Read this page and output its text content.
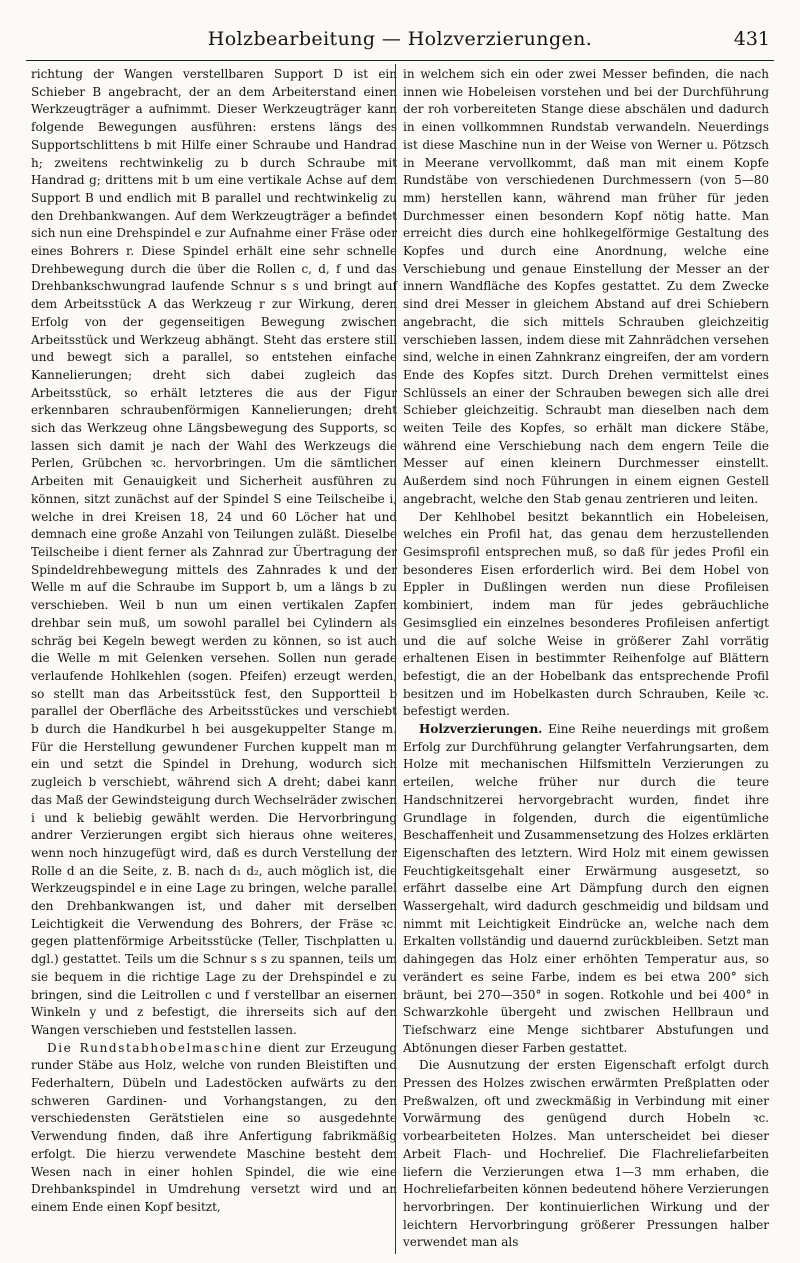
Holzbearbeitung — Holzverzierungen.	431

richtung der Wangen verstellbaren Support D ist ein Schieber B angebracht, der an dem Arbeiterstand einen Werkzeugträger a aufnimmt. Dieser Werkzeugträger kann folgende Bewegungen ausführen: erstens längs des Supportschlittens b mit Hilfe einer Schraube und Handrad h; zweitens rechtwinkelig zu b durch Schraube mit Handrad g; drittens mit b um eine vertikale Achse auf dem Support B und endlich mit B parallel und rechtwinkelig zu den Drehbankwangen. Auf dem Werkzeugträger a befindet sich nun eine Drehspindel e zur Aufnahme einer Fräse oder eines Bohrers r. Diese Spindel erhält eine sehr schnelle Drehbewegung durch die über die Rollen c, d, f und das Drehbankschwungrad laufende Schnur s s und bringt auf dem Arbeitsstück A das Werkzeug r zur Wirkung, deren Erfolg von der gegenseitigen Bewegung zwischen Arbeitsstück und Werkzeug abhängt. Steht das erstere still und bewegt sich a parallel, so entstehen einfache Kannelierungen; dreht sich dabei zugleich das Arbeitsstück, so erhält letzteres die aus der Figur erkennbaren schraubenförmigen Kannelierungen; dreht sich das Werkzeug ohne Längsbewegung des Supports, so lassen sich damit je nach der Wahl des Werkzeugs die Perlen, Grübchen ꝛc. hervorbringen. Um die sämtlichen Arbeiten mit Genauigkeit und Sicherheit ausführen zu können, sitzt zunächst auf der Spindel S eine Teilscheibe i, welche in drei Kreisen 18, 24 und 60 Löcher hat und demnach eine große Anzahl von Teilungen zuläßt. Dieselbe Teilscheibe i dient ferner als Zahnrad zur Übertragung der Spindeldrehbewegung mittels des Zahnrades k und der Welle m auf die Schraube im Support b, um a längs b zu verschieben. Weil b nun um einen vertikalen Zapfen drehbar sein muß, um sowohl parallel bei Cylindern als schräg bei Kegeln bewegt werden zu können, so ist auch die Welle m mit Gelenken versehen. Sollen nun gerade verlaufende Hohlkehlen (sogen. Pfeifen) erzeugt werden, so stellt man das Arbeitsstück fest, den Supportteil b parallel der Oberfläche des Arbeitsstückes und verschiebt b durch die Handkurbel h bei ausgekuppelter Stange m. Für die Herstellung gewundener Furchen kuppelt man m ein und setzt die Spindel in Drehung, wodurch sich zugleich b verschiebt, während sich A dreht; dabei kann das Maß der Gewindsteigung durch Wechselräder zwischen i und k beliebig gewählt werden. Die Hervorbringung andrer Verzierungen ergibt sich hieraus ohne weiteres, wenn noch hinzugefügt wird, daß es durch Verstellung der Rolle d an die Seite, z. B. nach d₁ d₂, auch möglich ist, die Werkzeugspindel e in eine Lage zu bringen, welche parallel den Drehbankwangen ist, und daher mit derselben Leichtigkeit die Verwendung des Bohrers, der Fräse ꝛc. gegen plattenförmige Arbeitsstücke (Teller, Tischplatten u. dgl.) gestattet. Teils um die Schnur s s zu spannen, teils um sie bequem in die richtige Lage zu der Drehspindel e zu bringen, sind die Leitrollen c und f verstellbar an eisernen Winkeln y und z befestigt, die ihrerseits sich auf den Wangen verschieben und feststellen lassen.

Die Rundstabhobelmaschine dient zur Erzeugung runder Stäbe aus Holz, welche von runden Bleistiften und Federhaltern, Dübeln und Ladestöcken aufwärts zu den schweren Gardinen- und Vorhangstangen, zu den verschiedensten Gerätstielen eine so ausgedehnte Verwendung finden, daß ihre Anfertigung fabrikmäßig erfolgt. Die hierzu verwendete Maschine besteht dem Wesen nach in einer hohlen Spindel, die wie eine Drehbankspindel in Umdrehung versetzt wird und an einem Ende einen Kopf besitzt,

in welchem sich ein oder zwei Messer befinden, die nach innen wie Hobeleisen vorstehen und bei der Durchführung der roh vorbereiteten Stange diese abschälen und dadurch in einen vollkommnen Rundstab verwandeln. Neuerdings ist diese Maschine nun in der Weise von Werner u. Pötzsch in Meerane vervollkommt, daß man mit einem Kopfe Rundstäbe von verschiedenen Durchmessern (von 5—80 mm) herstellen kann, während man früher für jeden Durchmesser einen besondern Kopf nötig hatte. Man erreicht dies durch eine hohlkegelförmige Gestaltung des Kopfes und durch eine Anordnung, welche eine Verschiebung und genaue Einstellung der Messer an der innern Wandfläche des Kopfes gestattet. Zu dem Zwecke sind drei Messer in gleichem Abstand auf drei Schiebern angebracht, die sich mittels Schrauben gleichzeitig verschieben lassen, indem diese mit Zahnrädchen versehen sind, welche in einen Zahnkranz eingreifen, der am vordern Ende des Kopfes sitzt. Durch Drehen vermittelst eines Schlüssels an einer der Schrauben bewegen sich alle drei Schieber gleichzeitig. Schraubt man dieselben nach dem weiten Teile des Kopfes, so erhält man dickere Stäbe, während eine Verschiebung nach dem engern Teile die Messer auf einen kleinern Durchmesser einstellt. Außerdem sind noch Führungen in einem eignen Gestell angebracht, welche den Stab genau zentrieren und leiten.

Der Kehlhobel besitzt bekanntlich ein Hobeleisen, welches ein Profil hat, das genau dem herzustellenden Gesimsprofil entsprechen muß, so daß für jedes Profil ein besonderes Eisen erforderlich wird. Bei dem Hobel von Eppler in Dußlingen werden nun diese Profileisen kombiniert, indem man für jedes gebräuchliche Gesimsglied ein einzelnes besonderes Profileisen anfertigt und die auf solche Weise in größerer Zahl vorrätig erhaltenen Eisen in bestimmter Reihenfolge auf Blättern befestigt, die an der Hobelbank das entsprechende Profil besitzen und im Hobelkasten durch Schrauben, Keile ꝛc. befestigt werden.

Holzverzierungen. Eine Reihe neuerdings mit großem Erfolg zur Durchführung gelangter Verfahrungsarten, dem Holze mit mechanischen Hilfsmitteln Verzierungen zu erteilen, welche früher nur durch die teure Handschnitzerei hervorgebracht wurden, findet ihre Grundlage in folgenden, durch die eigentümliche Beschaffenheit und Zusammensetzung des Holzes erklärten Eigenschaften des letztern. Wird Holz mit einem gewissen Feuchtigkeitsgehalt einer Erwärmung ausgesetzt, so erfährt dasselbe eine Art Dämpfung durch den eignen Wassergehalt, wird dadurch geschmeidig und bildsam und nimmt mit Leichtigkeit Eindrücke an, welche nach dem Erkalten vollständig und dauernd zurückbleiben. Setzt man dahingegen das Holz einer erhöhten Temperatur aus, so verändert es seine Farbe, indem es bei etwa 200° sich bräunt, bei 270—350° in sogen. Rotkohle und bei 400° in Schwarzkohle übergeht und zwischen Hellbraun und Tiefschwarz eine Menge sichtbarer Abstufungen und Abtönungen dieser Farben gestattet.

Die Ausnutzung der ersten Eigenschaft erfolgt durch Pressen des Holzes zwischen erwärmten Preßplatten oder Preßwalzen, oft und zweckmäßig in Verbindung mit einer Vorwärmung des genügend durch Hobeln ꝛc. vorbearbeiteten Holzes. Man unterscheidet bei dieser Arbeit Flach- und Hochrelief. Die Flachreliefarbeiten liefern die Verzierungen etwa 1—3 mm erhaben, die Hochreliefarbeiten können bedeutend höhere Verzierungen hervorbringen. Der kontinuierlichen Wirkung und der leichtern Hervorbringung größerer Pressungen halber verwendet man als
